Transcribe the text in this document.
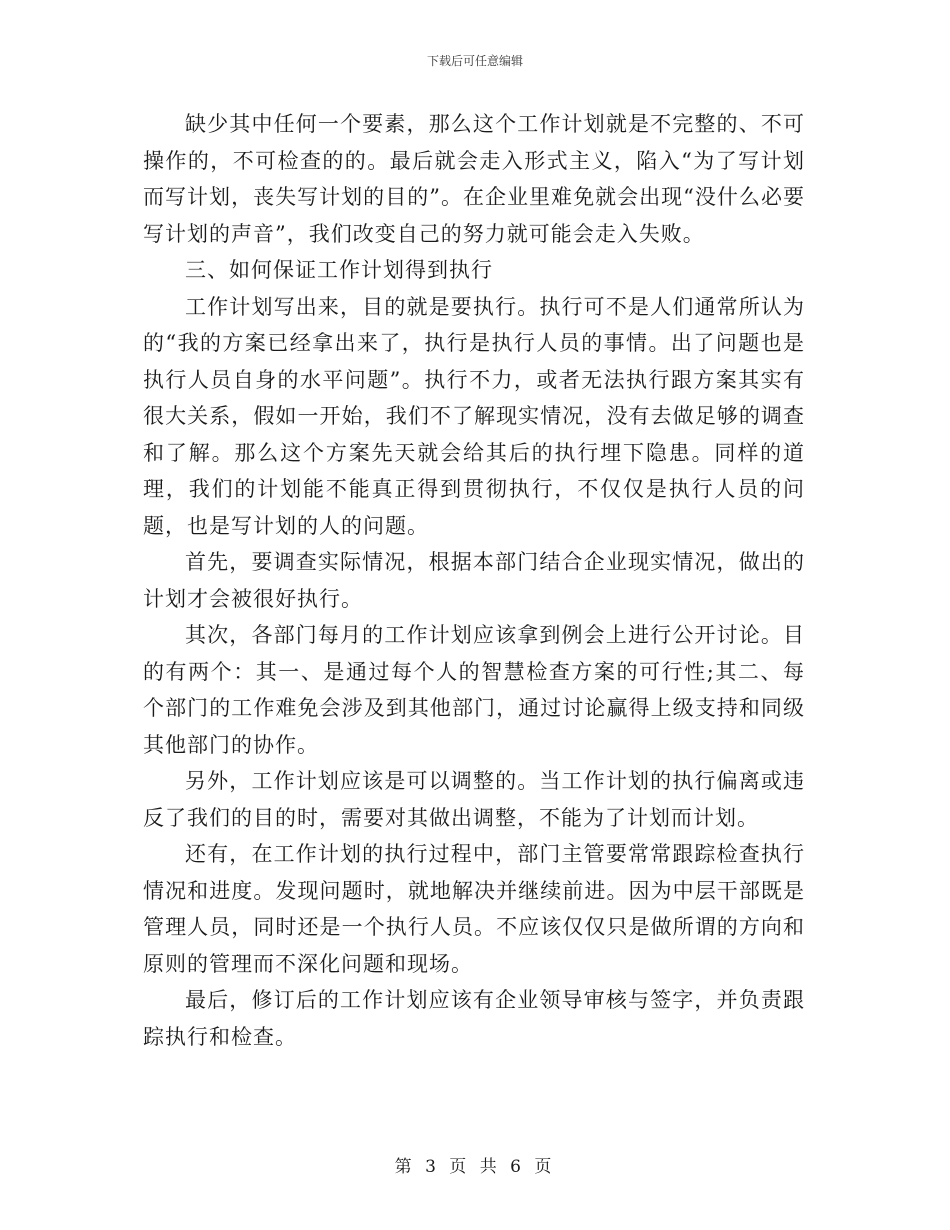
下载后可任意编辑

缺少其中任何一个要素，那么这个工作计划就是不完整的、不可操作的，不可检查的的。最后就会走入形式主义，陷入“为了写计划而写计划，丧失写计划的目的”。在企业里难免就会出现“没什么必要写计划的声音”，我们改变自己的努力就可能会走入失败。

三、如何保证工作计划得到执行

工作计划写出来，目的就是要执行。执行可不是人们通常所认为的“我的方案已经拿出来了，执行是执行人员的事情。出了问题也是执行人员自身的水平问题”。执行不力，或者无法执行跟方案其实有很大关系，假如一开始，我们不了解现实情况，没有去做足够的调查和了解。那么这个方案先天就会给其后的执行埋下隐患。同样的道理，我们的计划能不能真正得到贯彻执行，不仅仅是执行人员的问题，也是写计划的人的问题。

首先，要调查实际情况，根据本部门结合企业现实情况，做出的计划才会被很好执行。

其次，各部门每月的工作计划应该拿到例会上进行公开讨论。目的有两个：其一、是通过每个人的智慧检查方案的可行性;其二、每个部门的工作难免会涉及到其他部门，通过讨论赢得上级支持和同级其他部门的协作。

另外，工作计划应该是可以调整的。当工作计划的执行偏离或违反了我们的目的时，需要对其做出调整，不能为了计划而计划。

还有，在工作计划的执行过程中，部门主管要常常跟踪检查执行情况和进度。发现问题时，就地解决并继续前进。因为中层干部既是管理人员，同时还是一个执行人员。不应该仅仅只是做所谓的方向和原则的管理而不深化问题和现场。

最后，修订后的工作计划应该有企业领导审核与签字，并负责跟踪执行和检查。

第 3 页 共 6 页
